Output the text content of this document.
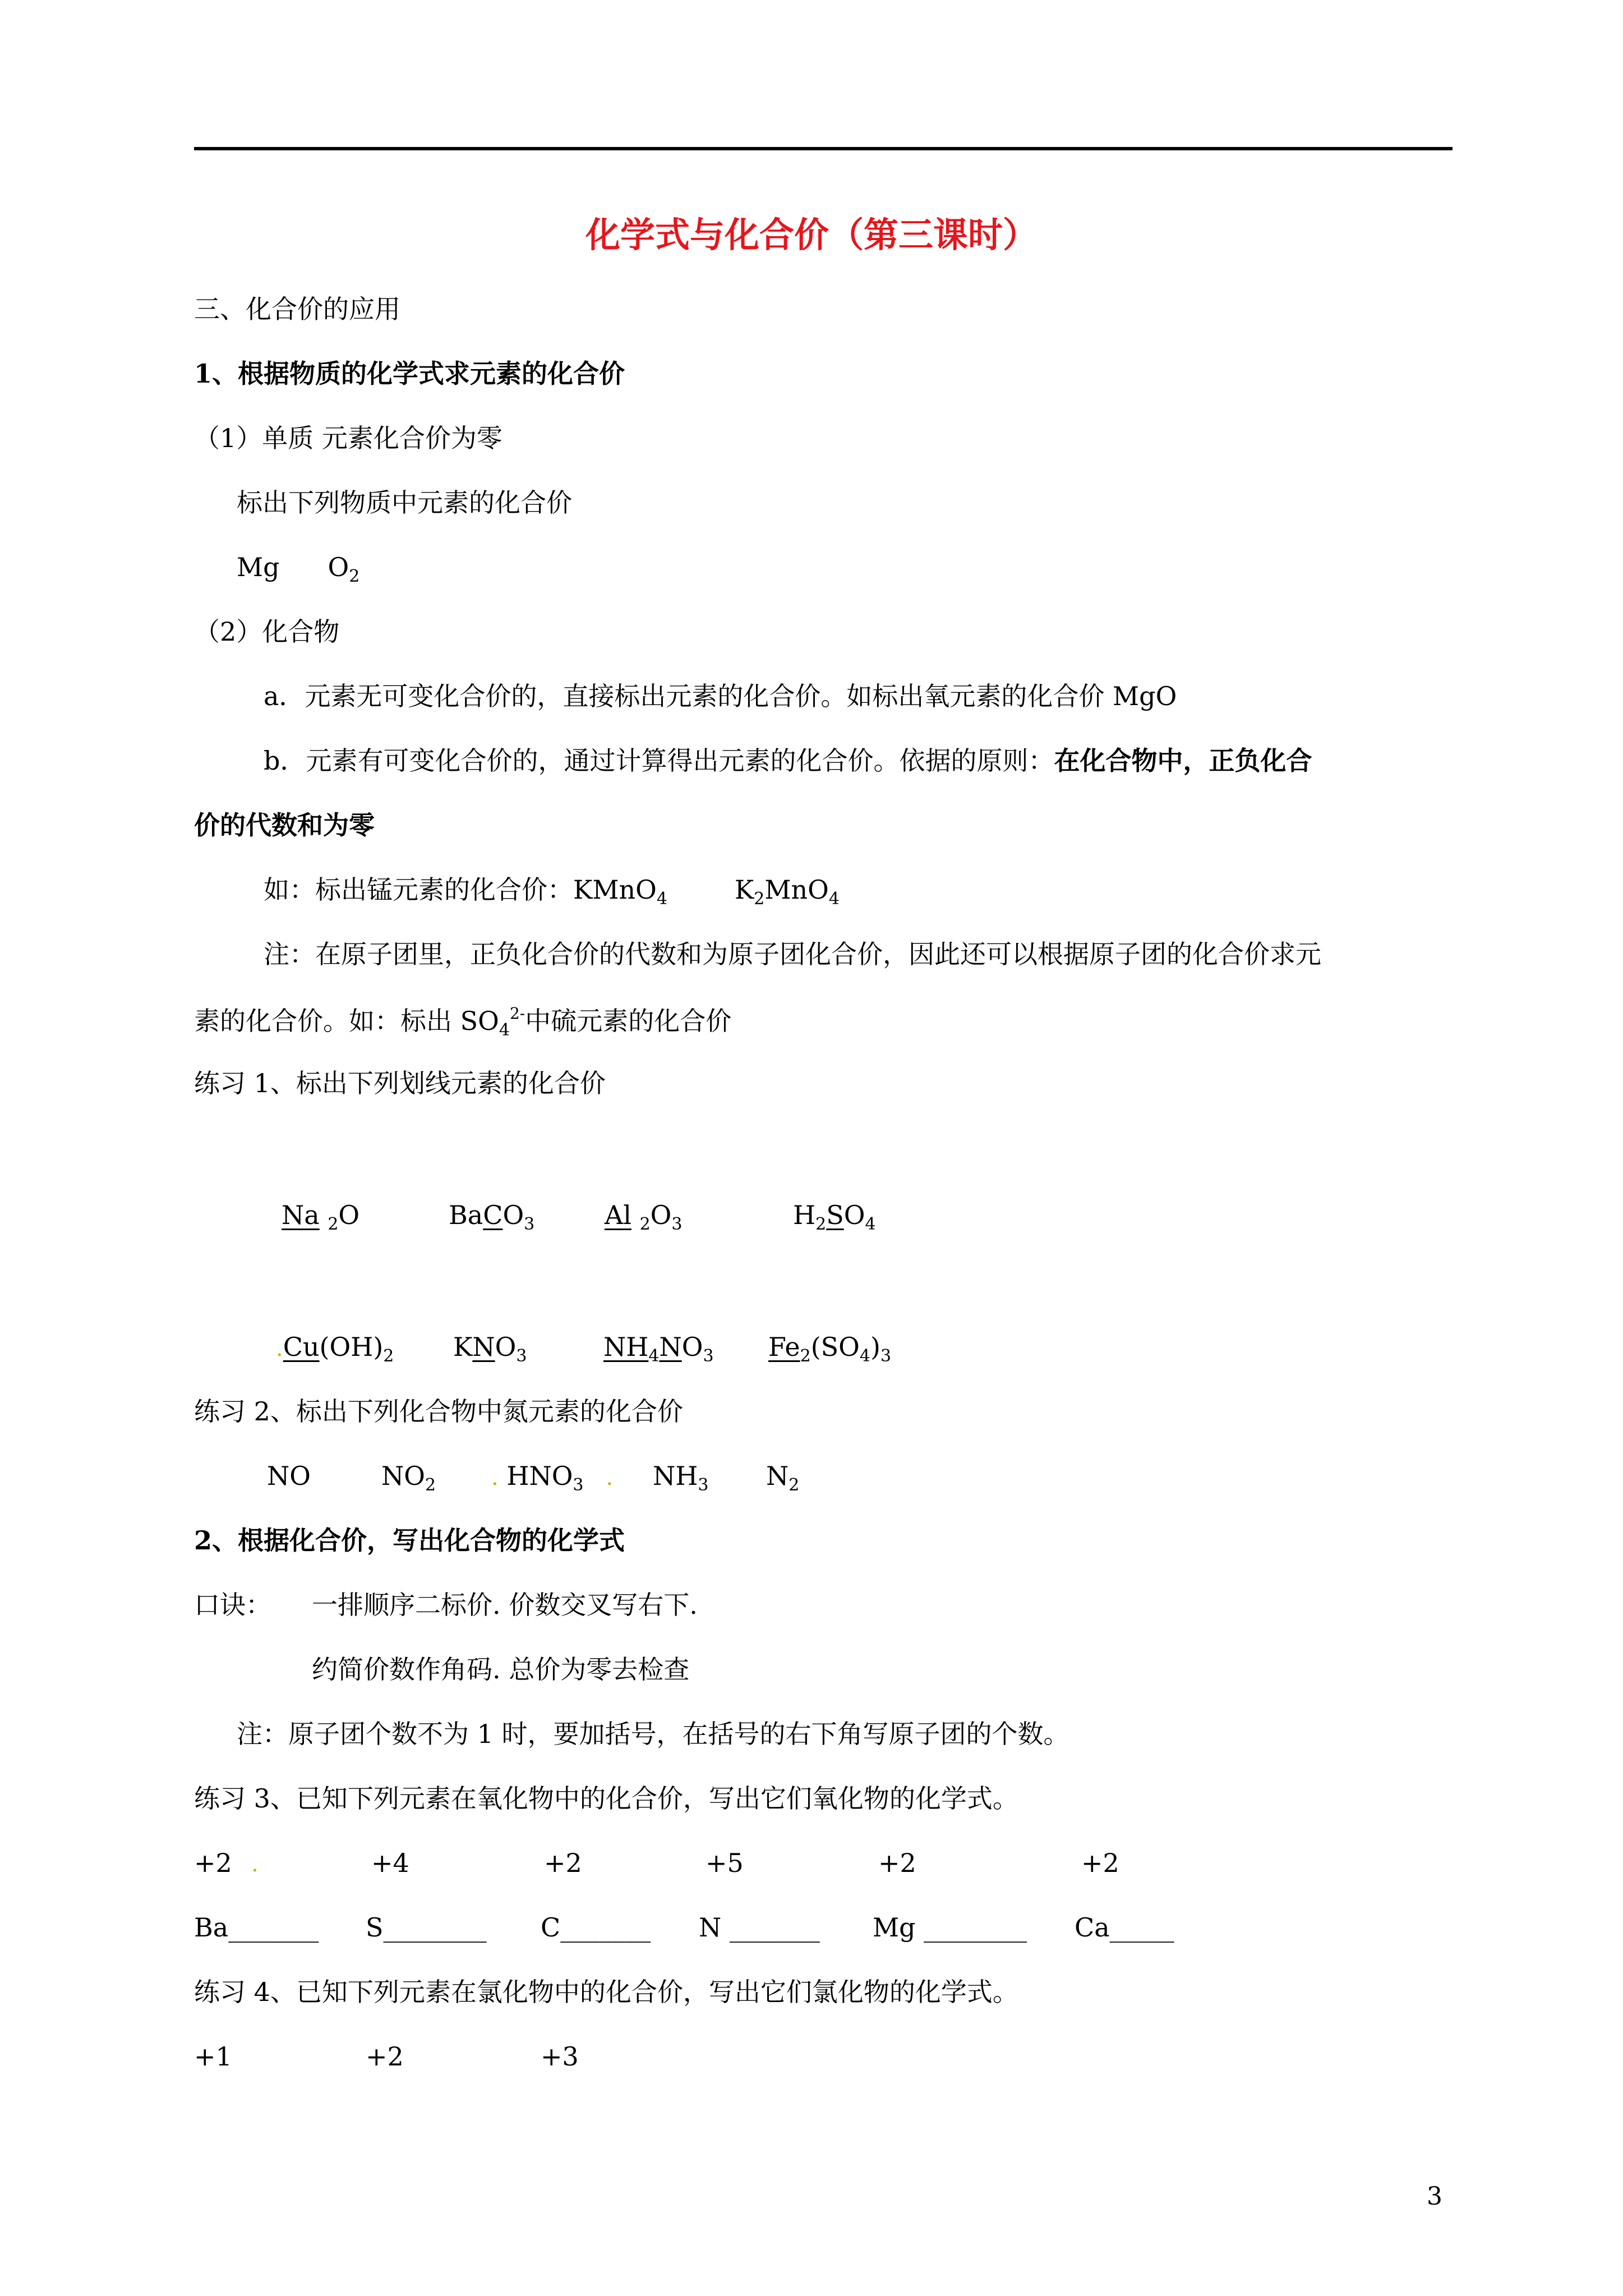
化学式与化合价（第三课时）
三、化合价的应用
1、根据物质的化学式求元素的化合价
（1）单质 元素化合价为零
标出下列物质中元素的化合价
Mg $O_2$
（2）化合物
a．元素无可变化合价的，直接标出元素的化合价。如标出氧元素的化合价 MgO
b．元素有可变化合价的，通过计算得出元素的化合价。依据的原则：在化合物中，正负化合
价的代数和为零
如：标出锰元素的化合价：KMnO$_4$	$K_2MnO_4$
注：在原子团里，正负化合价的代数和为原子团化合价，因此还可以根据原子团的化合价求元
素的化合价。如：标出 $SO_4^{2-}$中硫元素的化合价
练习 1、标出下列划线元素的化合价
Na $_2$O	BaCO$_3$	Al $_2O_3$	$H_2SO_4$
$.Cu(OH)_2$ $KNO_3$	$NH_4NO_3$ $Fe_2(SO_4)_3$
练习 2、标出下列化合物中氮元素的化合价
NO	$NO_2$ . $HNO_3$ . $NH_3$ $N_2$
2、根据化合价，写出化合物的化学式
口诀： 一排顺序二标价. 价数交叉写右下.
约简价数作角码. 总价为零去检查
注：原子团个数不为 1 时，要加括号，在括号的右下角写原子团的个数。
练习 3、已知下列元素在氧化物中的化合价，写出它们氧化物的化学式。
+2 .	+4	+2	+5	+2	+2
Ba_______ S________ C_______ N _______ Mg ________ Ca_____
练习 4、已知下列元素在氯化物中的化合价，写出它们氯化物的化学式。
+1	+2	+3
3
